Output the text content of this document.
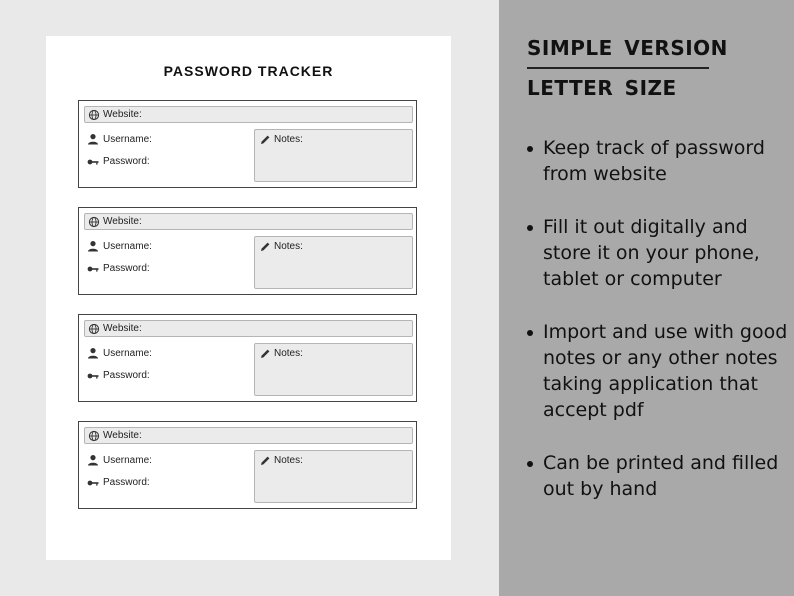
PASSWORD TRACKER
Website:
Username:
Password:
Notes:
Website:
Username:
Password:
Notes:
Website:
Username:
Password:
Notes:
Website:
Username:
Password:
Notes:
SIMPLE VERSION
LETTER SIZE
Keep track of password from website
Fill it out digitally and store it on your phone, tablet or computer
Import and use with good notes or any other notes taking application that accept pdf
Can be printed and filled out by hand
